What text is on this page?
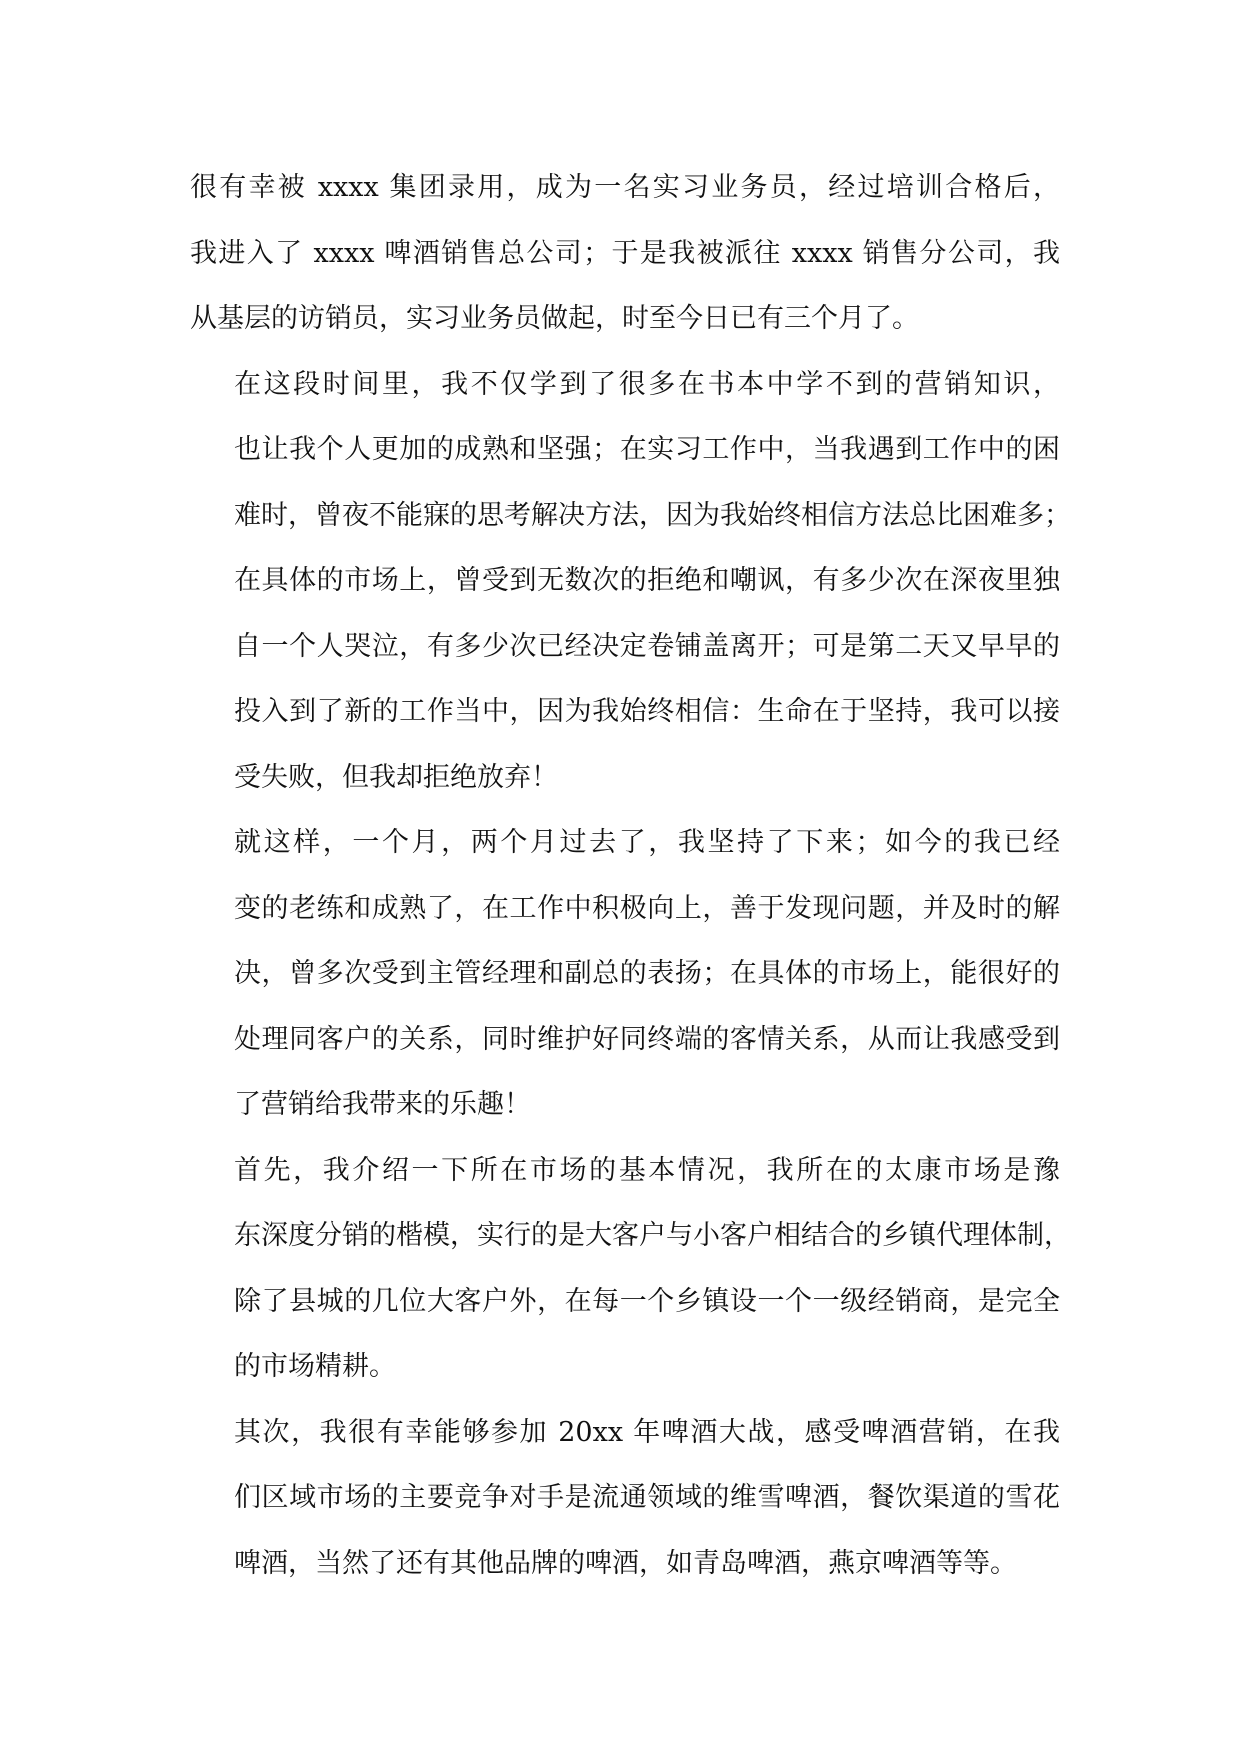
很有幸被 xxxx 集团录用，成为一名实习业务员，经过培训合格后，
我进入了 xxxx 啤酒销售总公司；于是我被派往 xxxx 销售分公司，我
从基层的访销员，实习业务员做起，时至今日已有三个月了。

在这段时间里，我不仅学到了很多在书本中学不到的营销知识，
也让我个人更加的成熟和坚强；在实习工作中，当我遇到工作中的困
难时，曾夜不能寐的思考解决方法，因为我始终相信方法总比困难多；
在具体的市场上，曾受到无数次的拒绝和嘲讽，有多少次在深夜里独
自一个人哭泣，有多少次已经决定卷铺盖离开；可是第二天又早早的
投入到了新的工作当中，因为我始终相信：生命在于坚持，我可以接
受失败，但我却拒绝放弃！

就这样，一个月，两个月过去了，我坚持了下来；如今的我已经
变的老练和成熟了，在工作中积极向上，善于发现问题，并及时的解
决，曾多次受到主管经理和副总的表扬；在具体的市场上，能很好的
处理同客户的关系，同时维护好同终端的客情关系，从而让我感受到
了营销给我带来的乐趣！

首先，我介绍一下所在市场的基本情况，我所在的太康市场是豫
东深度分销的楷模，实行的是大客户与小客户相结合的乡镇代理体制，
除了县城的几位大客户外，在每一个乡镇设一个一级经销商，是完全
的市场精耕。

其次，我很有幸能够参加 20xx 年啤酒大战，感受啤酒营销，在我
们区域市场的主要竞争对手是流通领域的维雪啤酒，餐饮渠道的雪花
啤酒，当然了还有其他品牌的啤酒，如青岛啤酒，燕京啤酒等等。
